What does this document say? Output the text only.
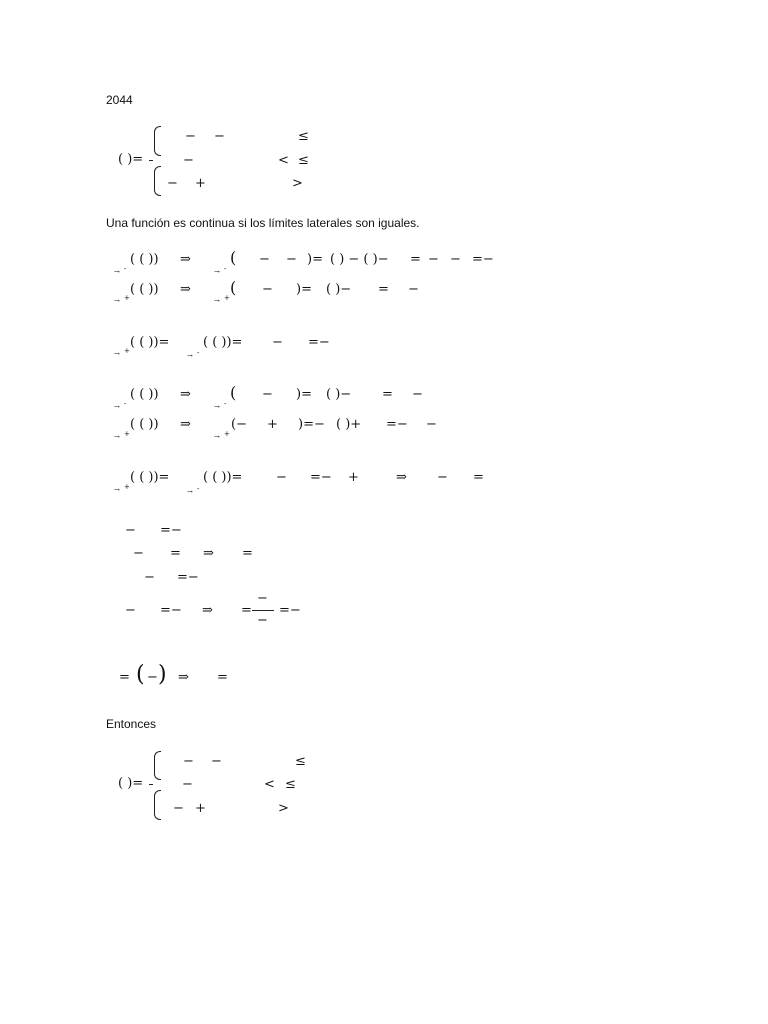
2044
( )=
− −	≤
−	< ≤
− +	>
Una función es continua si los límites laterales son iguales.
→ -
( ( )) ⇒
→ -
( − − )= ( ) − ( )− = − − =−
→ +
( ( )) ⇒
→ +
( − )= ( )− = −
→ +
( ( ))=
→ -
( ( ))= − =−
→ -
( ( )) ⇒
→ -
( − )= ( )− = −
→ +
( ( )) ⇒
→ +
(− + )=− ( )+ =− −
→ +
( ( ))=
→ -
( ( ))=	− =− +	⇒ − =
− =−
− = ⇒ =
− =−
− =− ⇒ =
−
−
=−
= ( − ) ⇒ =
Entonces
( )=
− −	≤
−	< ≤
− +	>
